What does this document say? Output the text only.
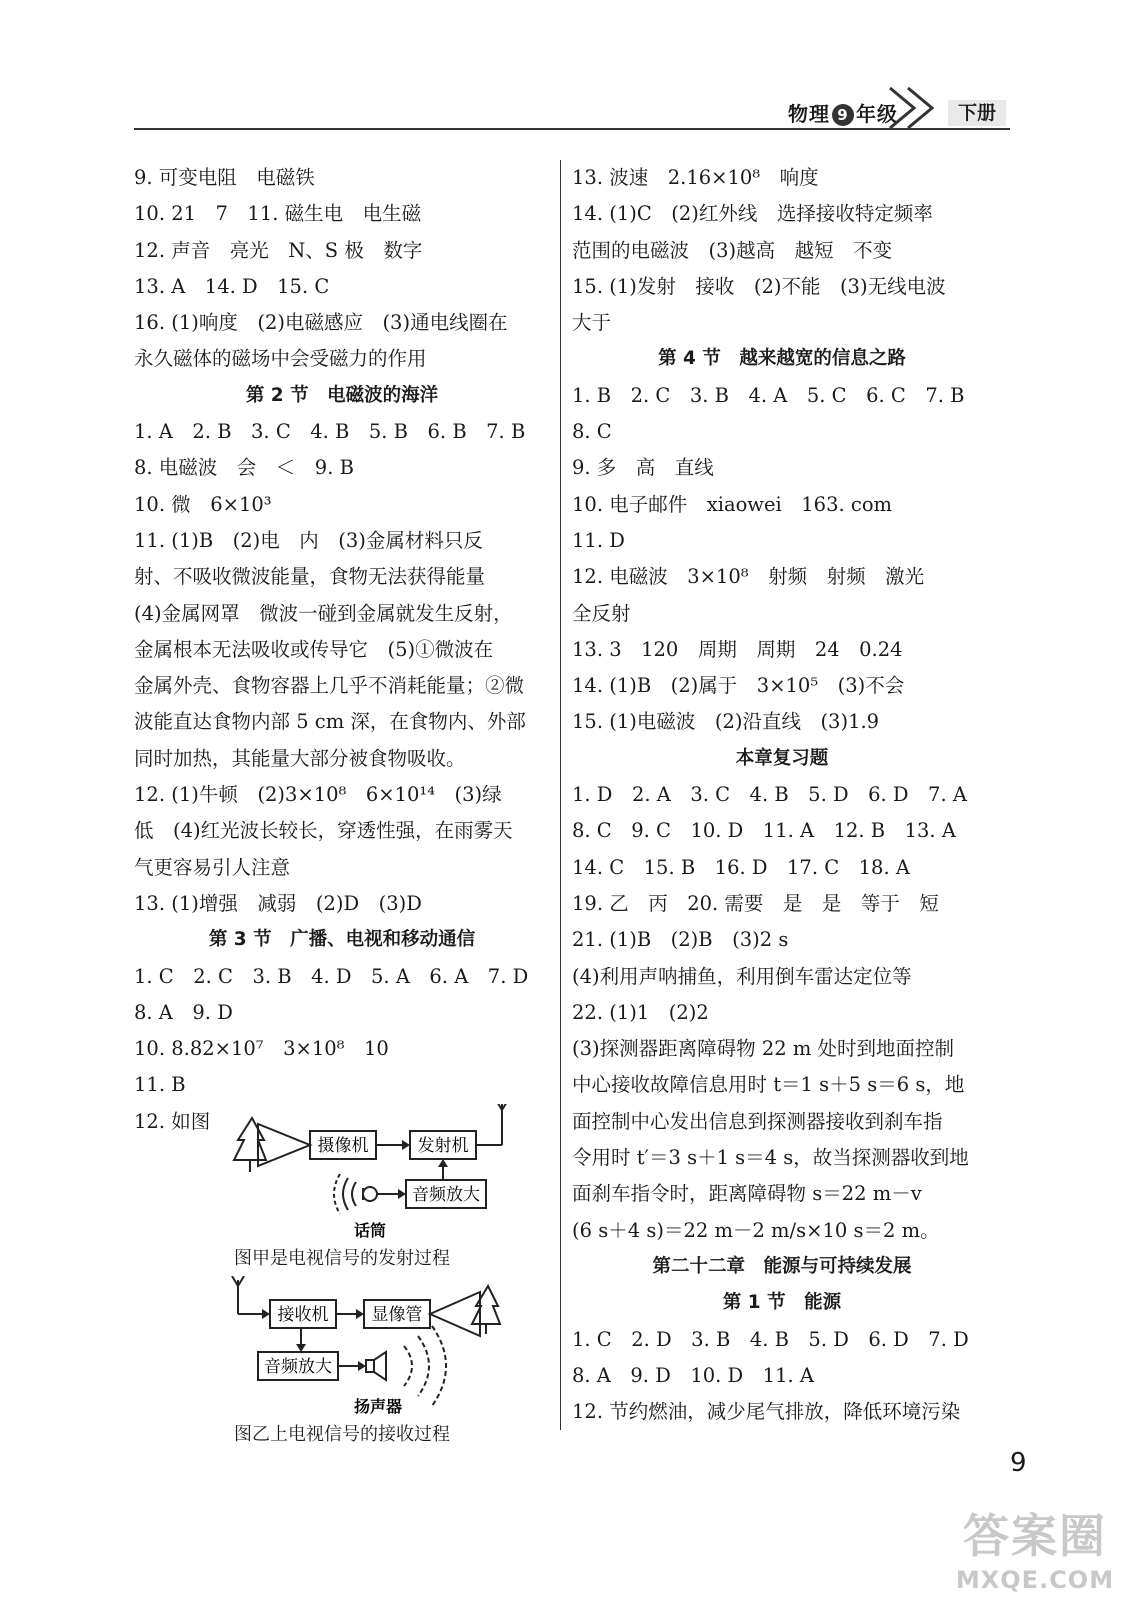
物理 9 年级	下册
9. 可变电阻　电磁铁
10. 21　7　11. 磁生电　电生磁
12. 声音　亮光　N、S 极　数字
13. A　14. D　15. C
16. (1)响度　(2)电磁感应　(3)通电线圈在
永久磁体的磁场中会受磁力的作用
第 2 节　电磁波的海洋
1. A　2. B　3. C　4. B　5. B　6. B　7. B
8. 电磁波　会　＜　9. B
10. 微　6×10³
11. (1)B　(2)电　内　(3)金属材料只反
射、不吸收微波能量，食物无法获得能量
(4)金属网罩　微波一碰到金属就发生反射，
金属根本无法吸收或传导它　(5)①微波在
金属外壳、食物容器上几乎不消耗能量；②微
波能直达食物内部 5 cm 深，在食物内、外部
同时加热，其能量大部分被食物吸收。
12. (1)牛顿　(2)3×10⁸　6×10¹⁴　(3)绿
低　(4)红光波长较长，穿透性强，在雨雾天
气更容易引人注意
13. (1)增强　减弱　(2)D　(3)D
第 3 节　广播、电视和移动通信
1. C　2. C　3. B　4. D　5. A　6. A　7. D
8. A　9. D
10. 8.82×10⁷　3×10⁸　10
11. B
12. 如图
摄像机	发射机
音频放大
话筒
图甲是电视信号的发射过程
接收机	显像管
音频放大
扬声器
图乙上电视信号的接收过程
13. 波速　2.16×10⁸　响度
14. (1)C　(2)红外线　选择接收特定频率
范围的电磁波　(3)越高　越短　不变
15. (1)发射　接收　(2)不能　(3)无线电波
大于
第 4 节　越来越宽的信息之路
1. B　2. C　3. B　4. A　5. C　6. C　7. B
8. C
9. 多　高　直线
10. 电子邮件　xiaowei　163. com
11. D
12. 电磁波　3×10⁸　射频　射频　激光
全反射
13. 3　120　周期　周期　24　0.24
14. (1)B　(2)属于　3×10⁵　(3)不会
15. (1)电磁波　(2)沿直线　(3)1.9
本章复习题
1. D　2. A　3. C　4. B　5. D　6. D　7. A
8. C　9. C　10. D　11. A　12. B　13. A
14. C　15. B　16. D　17. C　18. A
19. 乙　丙　20. 需要　是　是　等于　短
21. (1)B　(2)B　(3)2 s
(4)利用声呐捕鱼，利用倒车雷达定位等
22. (1)1　(2)2
(3)探测器距离障碍物 22 m 处时到地面控制
中心接收故障信息用时 t＝1 s＋5 s＝6 s，地
面控制中心发出信息到探测器接收到刹车指
令用时 t′＝3 s＋1 s＝4 s，故当探测器收到地
面刹车指令时，距离障碍物 s＝22 m－v
(6 s＋4 s)＝22 m－2 m/s×10 s＝2 m。
第二十二章　能源与可持续发展
第 1 节　能源
1. C　2. D　3. B　4. B　5. D　6. D　7. D
8. A　9. D　10. D　11. A
12. 节约燃油，减少尾气排放，降低环境污染
9
答案圈
MXQE.COM
